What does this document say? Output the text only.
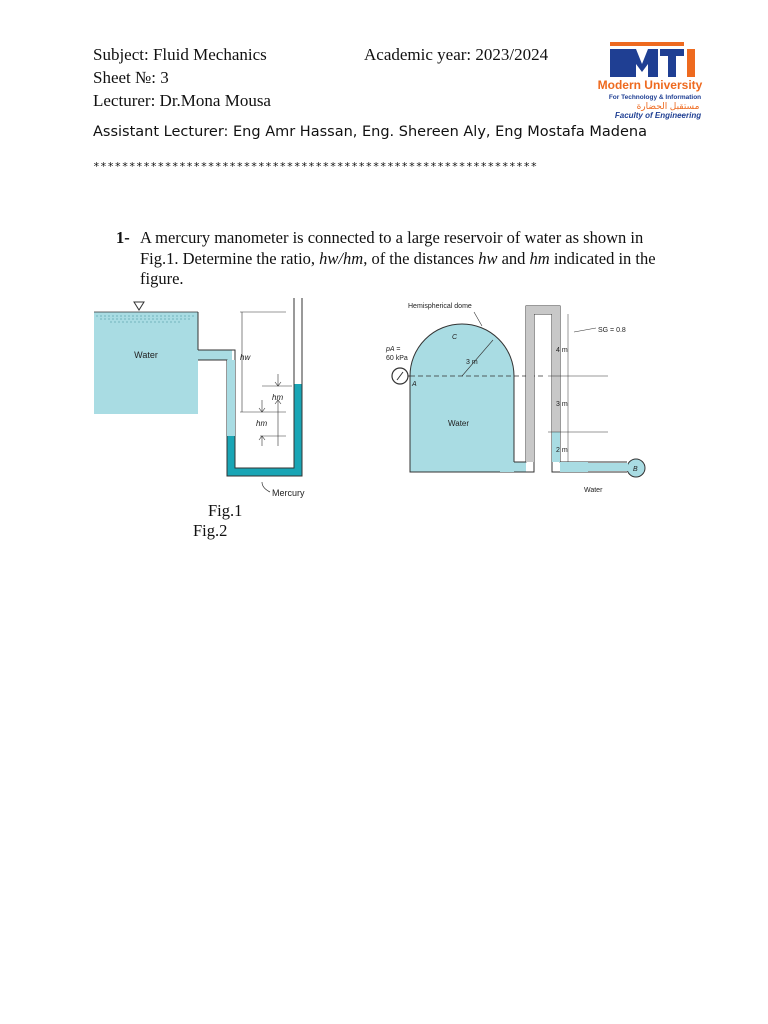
Subject: Fluid Mechanics	Academic year: 2023/2024
Sheet №: 3
Lecturer: Dr.Mona Mousa
Assistant Lecturer: Eng Amr Hassan, Eng. Shereen Aly, Eng Mostafa Madena
**************************************************************
Modern University
For Technology & Information
مستقبل الحضارة
Faculty of Engineering
1- A mercury manometer is connected to a large reservoir of water as shown in Fig.1. Determine the ratio, hw/hm, of the distances hw and hm indicated in the figure.
Water	hw
hm
hm
Mercury
Hemispherical dome
C
pA =
60 kPa
A
3 m
Water
SG = 0.8
4 m
3 m
2 m
B
Water
Fig.1
Fig.2
